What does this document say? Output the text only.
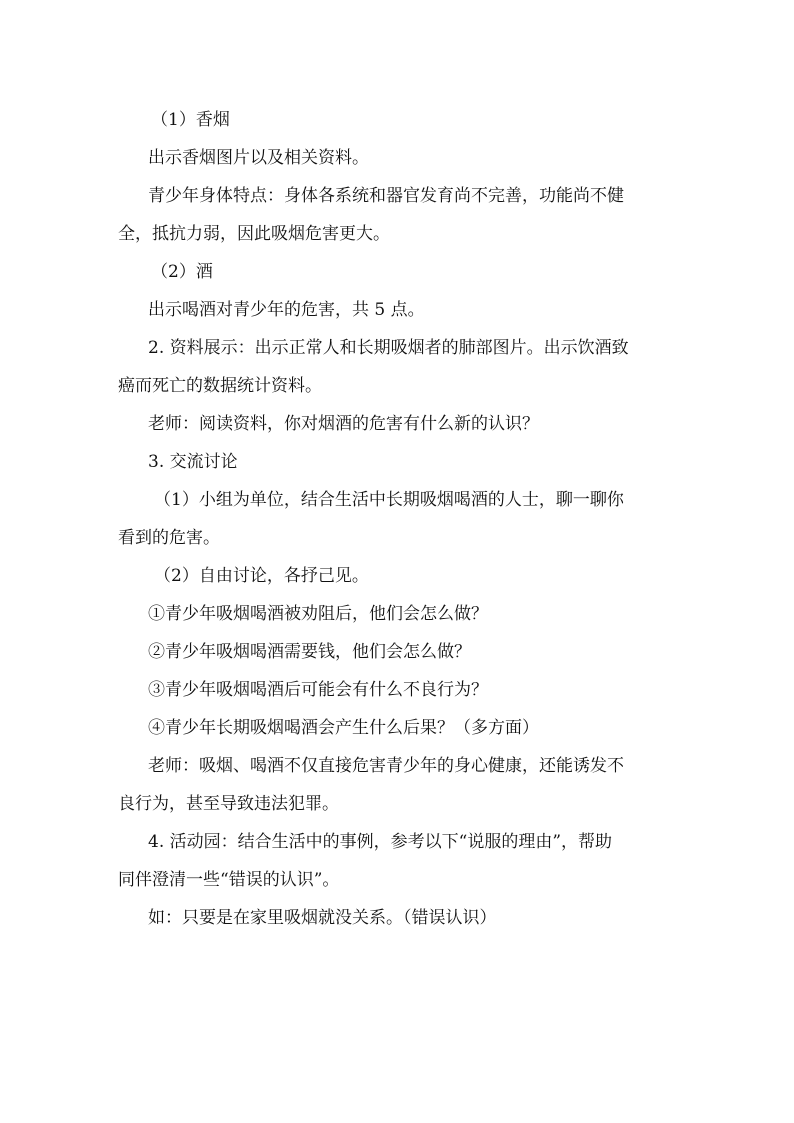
（1）香烟

出示香烟图片以及相关资料。

青少年身体特点：身体各系统和器官发育尚不完善，功能尚不健

全，抵抗力弱，因此吸烟危害更大。

（2）酒

出示喝酒对青少年的危害，共 5 点。

2. 资料展示：出示正常人和长期吸烟者的肺部图片。出示饮酒致

癌而死亡的数据统计资料。

老师：阅读资料，你对烟酒的危害有什么新的认识？

3. 交流讨论

（1）小组为单位，结合生活中长期吸烟喝酒的人士，聊一聊你

看到的危害。

（2）自由讨论，各抒己见。

①青少年吸烟喝酒被劝阻后，他们会怎么做？

②青少年吸烟喝酒需要钱，他们会怎么做？

③青少年吸烟喝酒后可能会有什么不良行为？

④青少年长期吸烟喝酒会产生什么后果？（多方面）

老师：吸烟、喝酒不仅直接危害青少年的身心健康，还能诱发不

良行为，甚至导致违法犯罪。

4. 活动园：结合生活中的事例，参考以下“说服的理由”，帮助

同伴澄清一些“错误的认识”。

如：只要是在家里吸烟就没关系。（错误认识）
